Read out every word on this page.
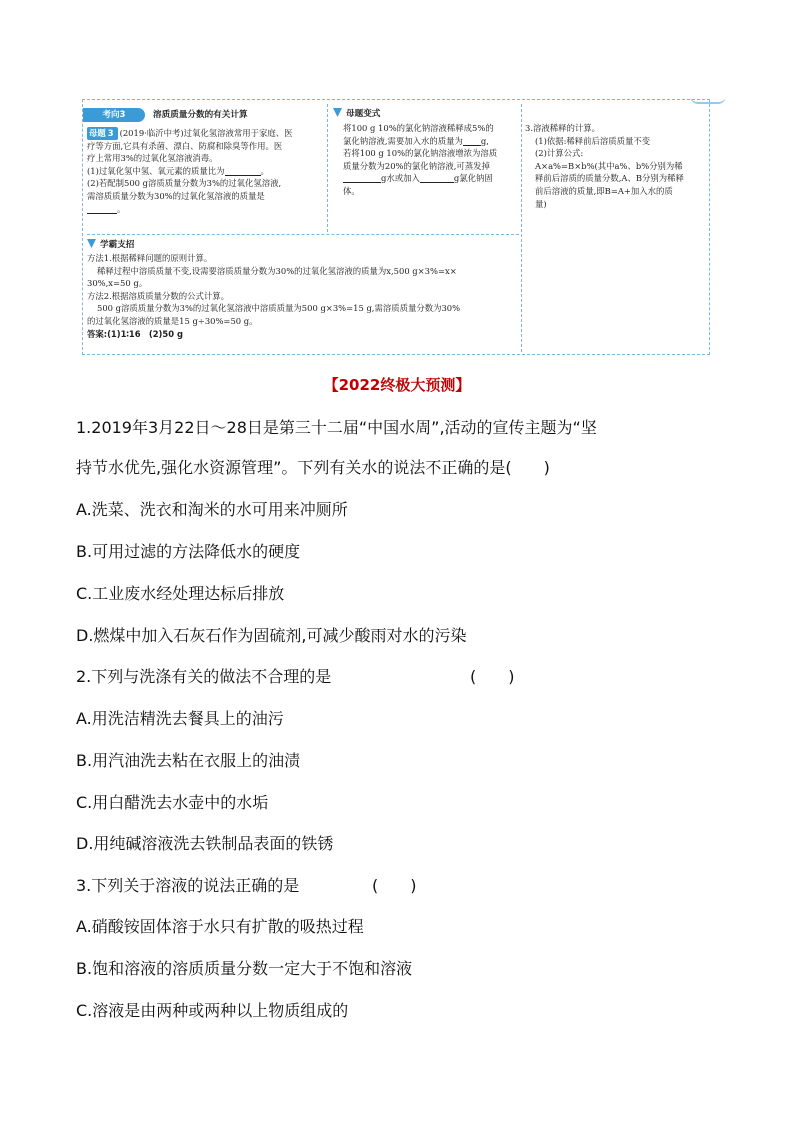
考向3	溶质质量分数的有关计算

母题 3 (2019·临沂中考)过氧化氢溶液常用于家庭、医

疗等方面,它具有杀菌、漂白、防腐和除臭等作用。医

疗上常用3%的过氧化氢溶液消毒。

(1)过氧化氢中氢、氧元素的质量比为	。

(2)若配制500 g溶质质量分数为3%的过氧化氢溶液,

需溶质质量分数为30%的过氧化氢溶液的质量是

。

母题变式

将100 g 10%的氯化钠溶液稀释成5%的

氯化钠溶液,需要加入水的质量为 g,

若将100 g 10%的氯化钠溶液增浓为溶质

质量分数为20%的氯化钠溶液,可蒸发掉

g水或加入	g氯化钠固

体。

3.溶液稀释的计算。

(1)依据:稀释前后溶质质量不变

(2)计算公式:

A×a%=B×b%(其中a%、b%分别为稀

释前后溶质的质量分数,A、B分别为稀释

前后溶液的质量,即B=A+加入水的质

量)

学霸支招

方法1.根据稀释问题的原则计算。

稀释过程中溶质质量不变,设需要溶质质量分数为30%的过氧化氢溶液的质量为x,500 g×3%=x×

30%,x=50 g。

方法2.根据溶质质量分数的公式计算。

500 g溶质质量分数为3%的过氧化氢溶液中溶质质量为500 g×3%=15 g,需溶质质量分数为30%

的过氧化氢溶液的质量是15 g÷30%=50 g。

答案:(1)1∶16　(2)50 g

【2022终极大预测】
1.2019年3月22日～28日是第三十二届“中国水周”,活动的宣传主题为“坚
持节水优先,强化水资源管理”。下列有关水的说法不正确的是(　　)
A.洗菜、洗衣和淘米的水可用来冲厕所
B.可用过滤的方法降低水的硬度
C.工业废水经处理达标后排放
D.燃煤中加入石灰石作为固硫剂,可减少酸雨对水的污染
2.下列与洗涤有关的做法不合理的是	(　　)
A.用洗洁精洗去餐具上的油污
B.用汽油洗去粘在衣服上的油渍
C.用白醋洗去水壶中的水垢
D.用纯碱溶液洗去铁制品表面的铁锈
3.下列关于溶液的说法正确的是	(　　)
A.硝酸铵固体溶于水只有扩散的吸热过程
B.饱和溶液的溶质质量分数一定大于不饱和溶液
C.溶液是由两种或两种以上物质组成的
